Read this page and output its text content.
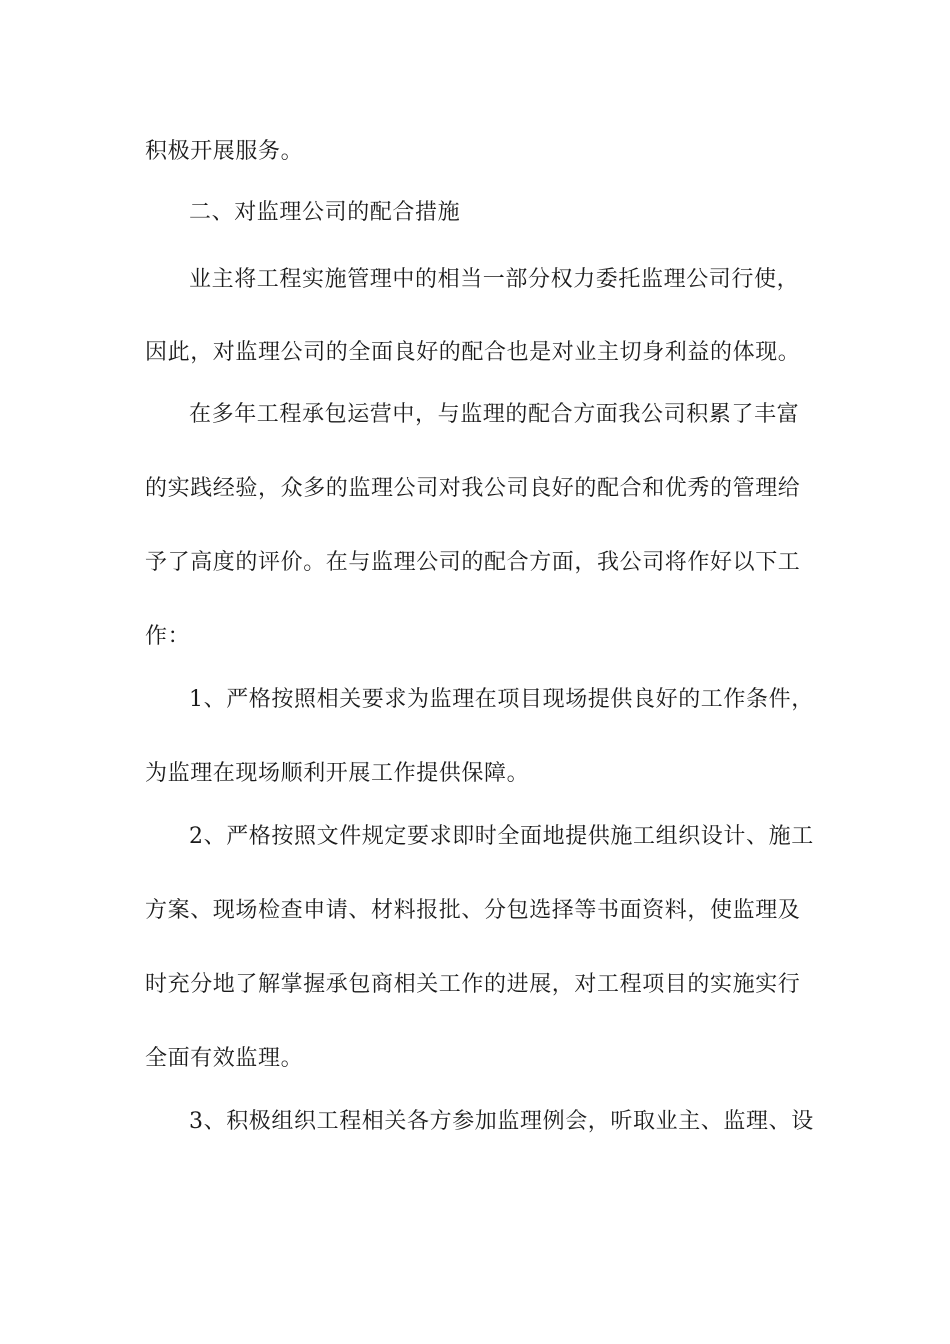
积极开展服务。
二、对监理公司的配合措施
业主将工程实施管理中的相当一部分权力委托监理公司行使，
因此，对监理公司的全面良好的配合也是对业主切身利益的体现。
在多年工程承包运营中，与监理的配合方面我公司积累了丰富
的实践经验，众多的监理公司对我公司良好的配合和优秀的管理给
予了高度的评价。在与监理公司的配合方面，我公司将作好以下工
作：
1、严格按照相关要求为监理在项目现场提供良好的工作条件，
为监理在现场顺利开展工作提供保障。
2、严格按照文件规定要求即时全面地提供施工组织设计、施工
方案、现场检查申请、材料报批、分包选择等书面资料，使监理及
时充分地了解掌握承包商相关工作的进展，对工程项目的实施实行
全面有效监理。
3、积极组织工程相关各方参加监理例会，听取业主、监理、设
